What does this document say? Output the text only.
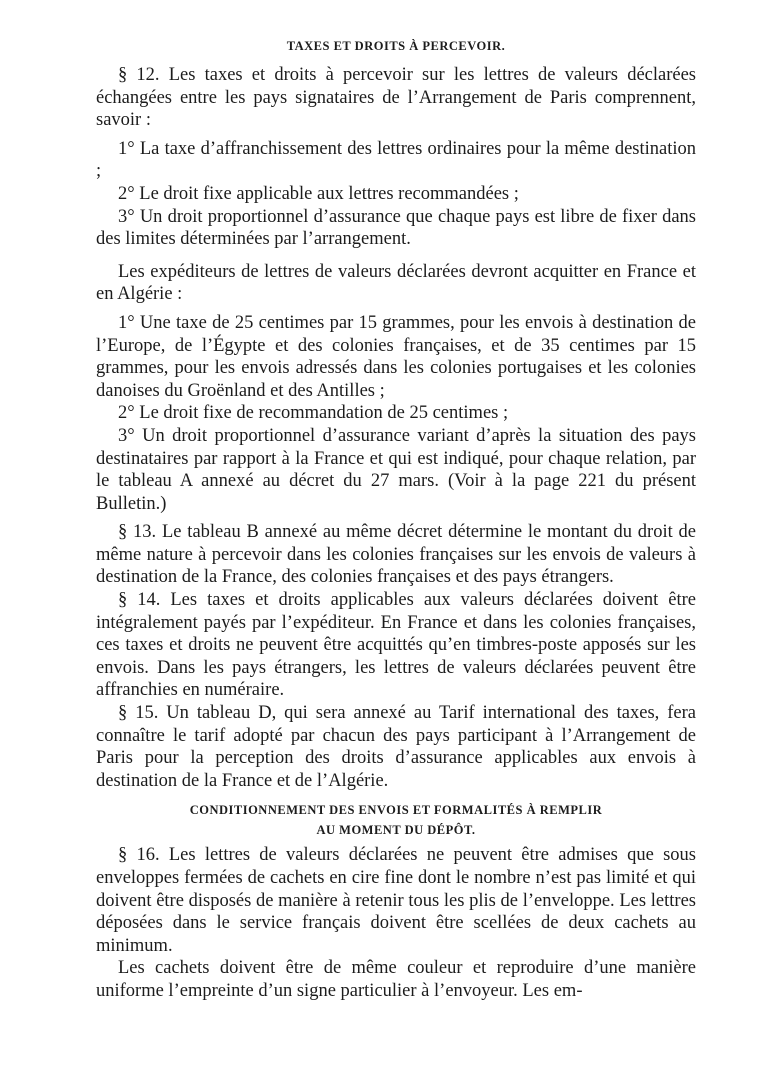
TAXES ET DROITS À PERCEVOIR.

§ 12. Les taxes et droits à percevoir sur les lettres de valeurs déclarées échangées entre les pays signataires de l’Arrangement de Paris comprennent, savoir :

1° La taxe d’affranchissement des lettres ordinaires pour la même destination ;

2° Le droit fixe applicable aux lettres recommandées ;

3° Un droit proportionnel d’assurance que chaque pays est libre de fixer dans des limites déterminées par l’arrangement.

Les expéditeurs de lettres de valeurs déclarées devront acquitter en France et en Algérie :

1° Une taxe de 25 centimes par 15 grammes, pour les envois à destination de l’Europe, de l’Égypte et des colonies françaises, et de 35 centimes par 15 grammes, pour les envois adressés dans les colonies portugaises et les colonies danoises du Groënland et des Antilles ;

2° Le droit fixe de recommandation de 25 centimes ;

3° Un droit proportionnel d’assurance variant d’après la situation des pays destinataires par rapport à la France et qui est indiqué, pour chaque relation, par le tableau A annexé au décret du 27 mars. (Voir à la page 221 du présent Bulletin.)

§ 13. Le tableau B annexé au même décret détermine le montant du droit de même nature à percevoir dans les colonies françaises sur les envois de valeurs à destination de la France, des colonies françaises et des pays étrangers.

§ 14. Les taxes et droits applicables aux valeurs déclarées doivent être intégralement payés par l’expéditeur. En France et dans les colonies françaises, ces taxes et droits ne peuvent être acquittés qu’en timbres-poste apposés sur les envois. Dans les pays étrangers, les lettres de valeurs déclarées peuvent être affranchies en numéraire.

§ 15. Un tableau D, qui sera annexé au Tarif international des taxes, fera connaître le tarif adopté par chacun des pays participant à l’Arrangement de Paris pour la perception des droits d’assurance applicables aux envois à destination de la France et de l’Algérie.

CONDITIONNEMENT DES ENVOIS ET FORMALITÉS À REMPLIR
AU MOMENT DU DÉPÔT.

§ 16. Les lettres de valeurs déclarées ne peuvent être admises que sous enveloppes fermées de cachets en cire fine dont le nombre n’est pas limité et qui doivent être disposés de manière à retenir tous les plis de l’enveloppe. Les lettres déposées dans le service français doivent être scellées de deux cachets au minimum.

Les cachets doivent être de même couleur et reproduire d’une manière uniforme l’empreinte d’un signe particulier à l’envoyeur. Les em-
